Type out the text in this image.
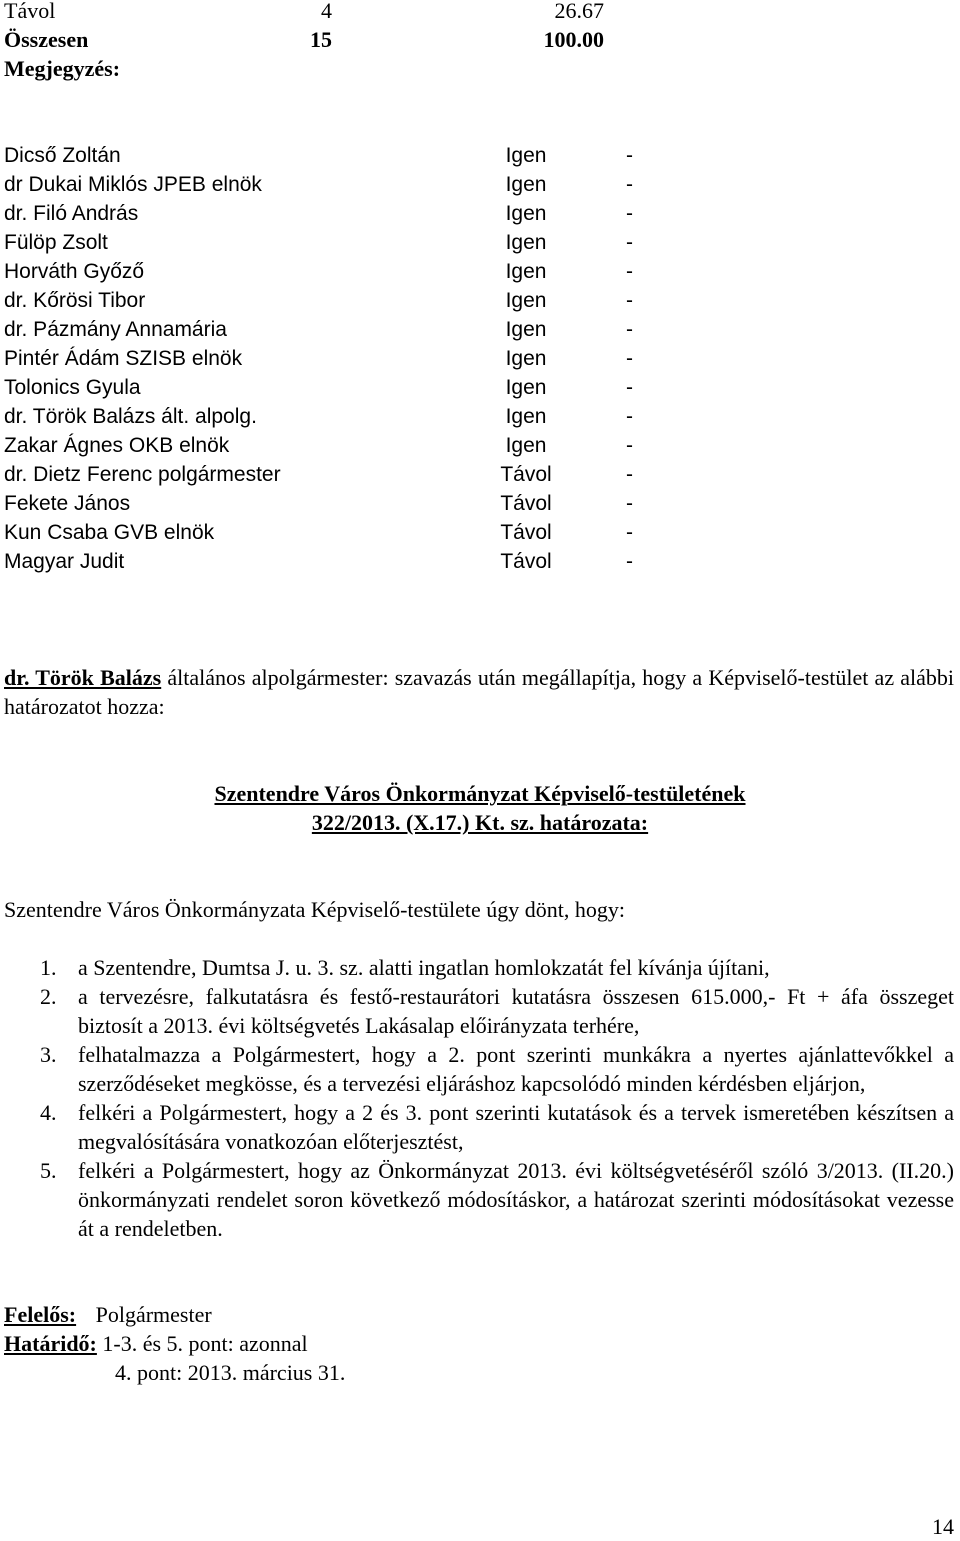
Távol	4	26.67
Összesen	15	100.00
Megjegyzés:
Dicső Zoltán	Igen	-
dr Dukai Miklós JPEB elnök	Igen	-
dr. Filó András	Igen	-
Fülöp Zsolt	Igen	-
Horváth Győző	Igen	-
dr. Kőrösi Tibor	Igen	-
dr. Pázmány Annamária	Igen	-
Pintér Ádám SZISB elnök	Igen	-
Tolonics Gyula	Igen	-
dr. Török Balázs ált. alpolg.	Igen	-
Zakar Ágnes OKB elnök	Igen	-
dr. Dietz Ferenc polgármester	Távol	-
Fekete János	Távol	-
Kun Csaba GVB elnök	Távol	-
Magyar Judit	Távol	-
dr. Török Balázs általános alpolgármester: szavazás után megállapítja, hogy a Képviselő-testület az alábbi határozatot hozza:
Szentendre Város Önkormányzat Képviselő-testületének
322/2013. (X.17.) Kt. sz. határozata:
Szentendre Város Önkormányzata Képviselő-testülete úgy dönt, hogy:
1. a Szentendre, Dumtsa J. u. 3. sz. alatti ingatlan homlokzatát fel kívánja újítani,
2. a tervezésre, falkutatásra és festő-restaurátori kutatásra összesen 615.000,- Ft + áfa összeget biztosít a 2013. évi költségvetés Lakásalap előirányzata terhére,
3. felhatalmazza a Polgármestert, hogy a 2. pont szerinti munkákra a nyertes ajánlattevőkkel a szerződéseket megkösse, és a tervezési eljáráshoz kapcsolódó minden kérdésben eljárjon,
4. felkéri a Polgármestert, hogy a 2 és 3. pont szerinti kutatások és a tervek ismeretében készítsen a megvalósítására vonatkozóan előterjesztést,
5. felkéri a Polgármestert, hogy az Önkormányzat 2013. évi költségvetéséről szóló 3/2013. (II.20.) önkormányzati rendelet soron következő módosításkor, a határozat szerinti módosításokat vezesse át a rendeletben.
Felelős: Polgármester
Határidő: 1-3. és 5. pont: azonnal
4. pont: 2013. március 31.
14
